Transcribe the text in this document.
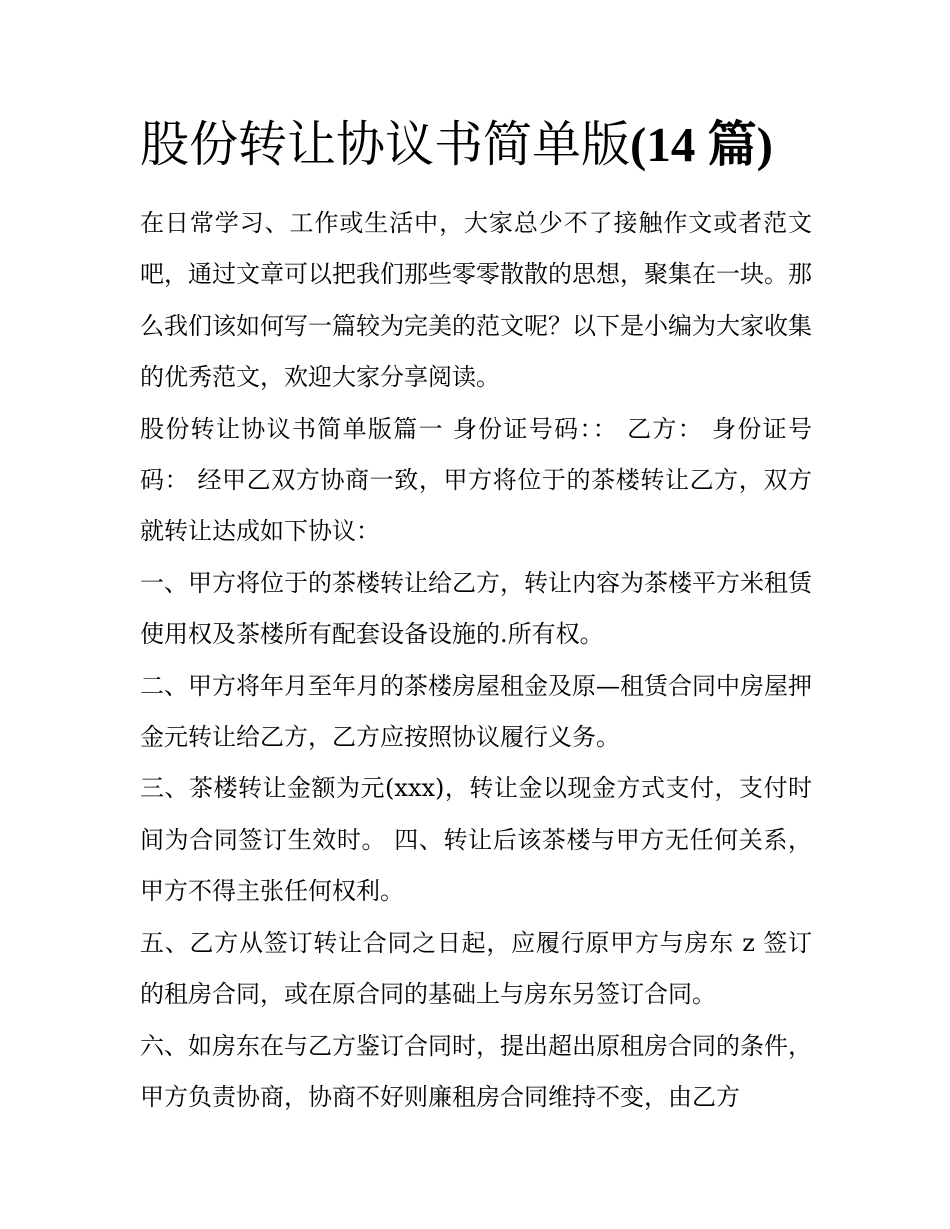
股份转让协议书简单版(14 篇)

在日常学习、工作或生活中，大家总少不了接触作文或者范文吧，通过文章可以把我们那些零零散散的思想，聚集在一块。那么我们该如何写一篇较为完美的范文呢？以下是小编为大家收集的优秀范文，欢迎大家分享阅读。

股份转让协议书简单版篇一 身份证号码：： 乙方： 身份证号码： 经甲乙双方协商一致，甲方将位于的茶楼转让乙方，双方就转让达成如下协议：

一、甲方将位于的茶楼转让给乙方，转让内容为茶楼平方米租赁使用权及茶楼所有配套设备设施的.所有权。

二、甲方将年月至年月的茶楼房屋租金及原—租赁合同中房屋押金元转让给乙方，乙方应按照协议履行义务。

三、茶楼转让金额为元(xxx)，转让金以现金方式支付，支付时间为合同签订生效时。 四、转让后该茶楼与甲方无任何关系，甲方不得主张任何权利。

五、乙方从签订转让合同之日起，应履行原甲方与房东 z 签订的租房合同，或在原合同的基础上与房东另签订合同。

六、如房东在与乙方鉴订合同时，提出超出原租房合同的条件，甲方负责协商，协商不好则廉租房合同维持不变，由乙方
